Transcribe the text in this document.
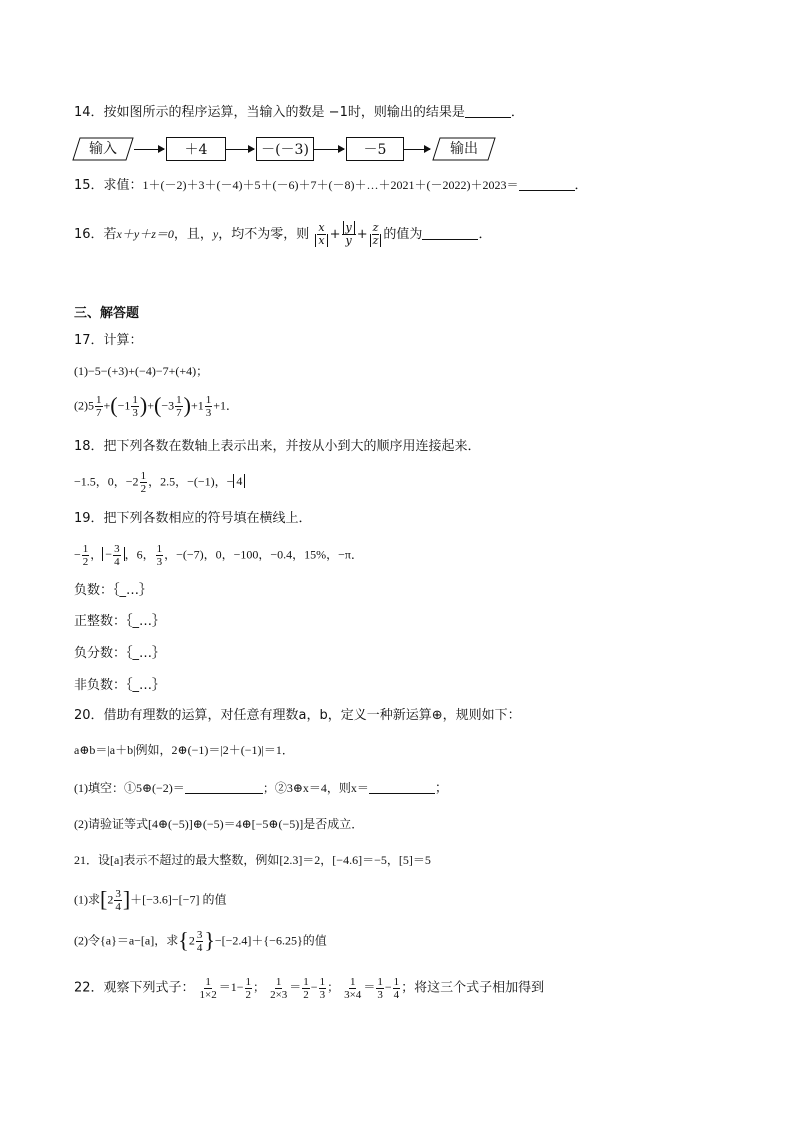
14．按如图所示的程序运算，当输入的数是 −1时，则输出的结果是	．
输入	＋4	－(－3)	－5	输出
15．求值：1＋(－2)＋3＋(－4)＋5＋(－6)＋7＋(－8)＋…＋2021＋(－2022)＋2023＝	．
16．若x＋y＋z＝0，且，y，均不为零，则 $\frac{x}{x} + \frac{y}{y} + \frac{z}{z}$ 的值为	．
三、解答题
17．计算：
(1)−5−(+3)+(−4)−7+(+4)；
$(2)5 \frac{1}{7} +(-1 \frac{1}{3} )+(-3 \frac{1}{7} )+1 \frac{1}{3} +1$．
18．把下列各数在数轴上表示出来，并按从小到大的顺序用连接起来．
−1.5，0，$-2 \frac{1}{2}$ ，2.5，−(−1)，− 4
19．把下列各数相应的符号填在横线上．
− $\frac{1}{2}$ ， − $\frac{3}{4}$ ，6， $\frac{1}{3}$ ，−(−7)，0，−100，−0.4，15%，−π．
负数：｛_…｝
正整数：｛_…｝
负分数：｛_…｝
非负数：｛_…｝
20．借助有理数的运算，对任意有理数a，b，定义一种新运算⊕，规则如下：
a⊕b＝|a＋b|例如，2⊕(−1)＝|2＋(−1)|＝1．
(1)填空：①5⊕(−2)＝	；②3⊕x＝4，则x＝	；
(2)请验证等式[4⊕(−5)]⊕(−5)＝4⊕[−5⊕(−5)]是否成立．
21．设[a]表示不超过的最大整数，例如[2.3]＝2，[−4.6]＝−5，[5]＝5
(1)求$[2 \frac{3}{4} ]+[-3.6]-[-7]$ 的值
(2)令{a}＝a−[a]，求$\{2 \frac{3}{4} \}-[-2.4]+\{-6.25\}$的值
22．观察下列式子： $\frac{1}{1\times 2} =1- \frac{1}{2}$ ； $\frac{1}{2\times 3} = \frac{1}{2} - \frac{1}{3}$ ； $\frac{1}{3\times 4} = \frac{1}{3} - \frac{1}{4}$ ；将这三个式子相加得到
